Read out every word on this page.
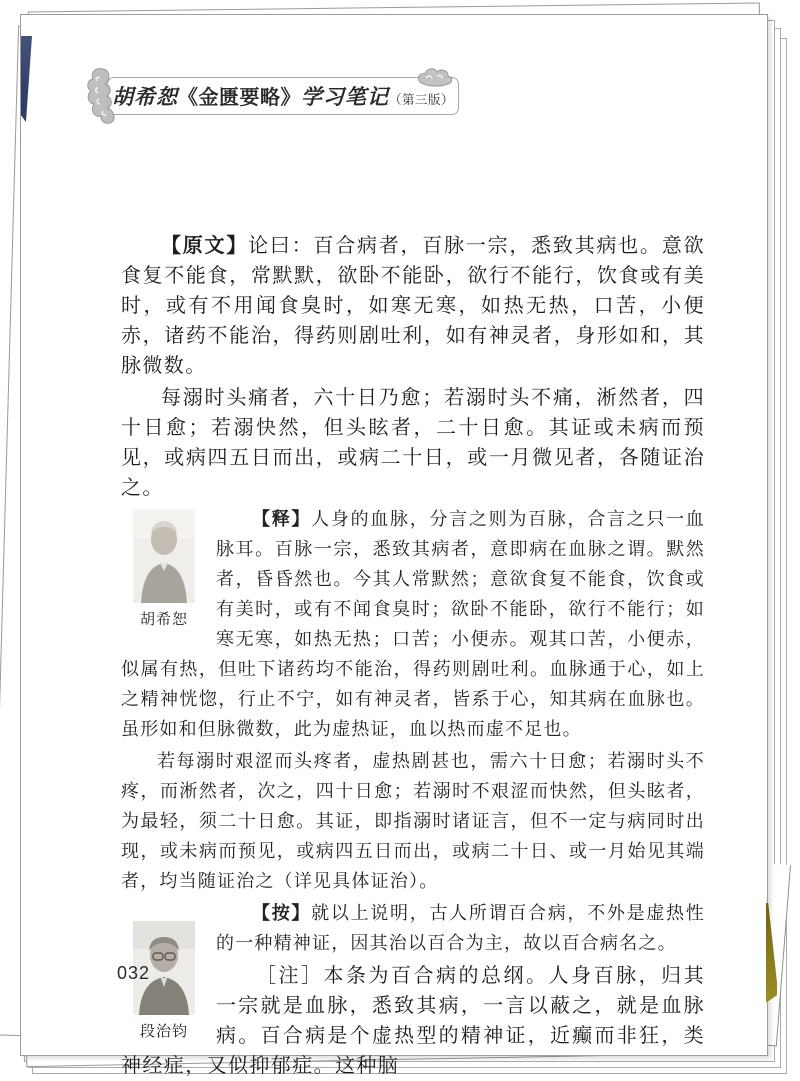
胡希恕《金匮要略》学习笔记（第三版）

【原文】论曰：百合病者，百脉一宗，悉致其病也。意欲食复不能食，常默默，欲卧不能卧，欲行不能行，饮食或有美时，或有不用闻食臭时，如寒无寒，如热无热，口苦，小便赤，诸药不能治，得药则剧吐利，如有神灵者，身形如和，其脉微数。

每溺时头痛者，六十日乃愈；若溺时头不痛，淅然者，四十日愈；若溺快然，但头眩者，二十日愈。其证或未病而预见，或病四五日而出，或病二十日，或一月微见者，各随证治之。

胡希恕

【释】人身的血脉，分言之则为百脉，合言之只一血脉耳。百脉一宗，悉致其病者，意即病在血脉之谓。默然者，昏昏然也。今其人常默然；意欲食复不能食，饮食或有美时，或有不闻食臭时；欲卧不能卧，欲行不能行；如寒无寒，如热无热；口苦；小便赤。观其口苦，小便赤，似属有热，但吐下诸药均不能治，得药则剧吐利。血脉通于心，如上之精神恍惚，行止不宁，如有神灵者，皆系于心，知其病在血脉也。虽形如和但脉微数，此为虚热证，血以热而虚不足也。

若每溺时艰涩而头疼者，虚热剧甚也，需六十日愈；若溺时头不疼，而淅然者，次之，四十日愈；若溺时不艰涩而快然，但头眩者，为最轻，须二十日愈。其证，即指溺时诸证言，但不一定与病同时出现，或未病而预见，或病四五日而出，或病二十日、或一月始见其端者，均当随证治之（详见具体证治）。

段治钧

【按】就以上说明，古人所谓百合病，不外是虚热性的一种精神证，因其治以百合为主，故以百合病名之。

［注］本条为百合病的总纲。人身百脉，归其一宗就是血脉，悉致其病，一言以蔽之，就是血脉病。百合病是个虚热型的精神证，近癫而非狂，类神经症，又似抑郁症。这种脑

032
